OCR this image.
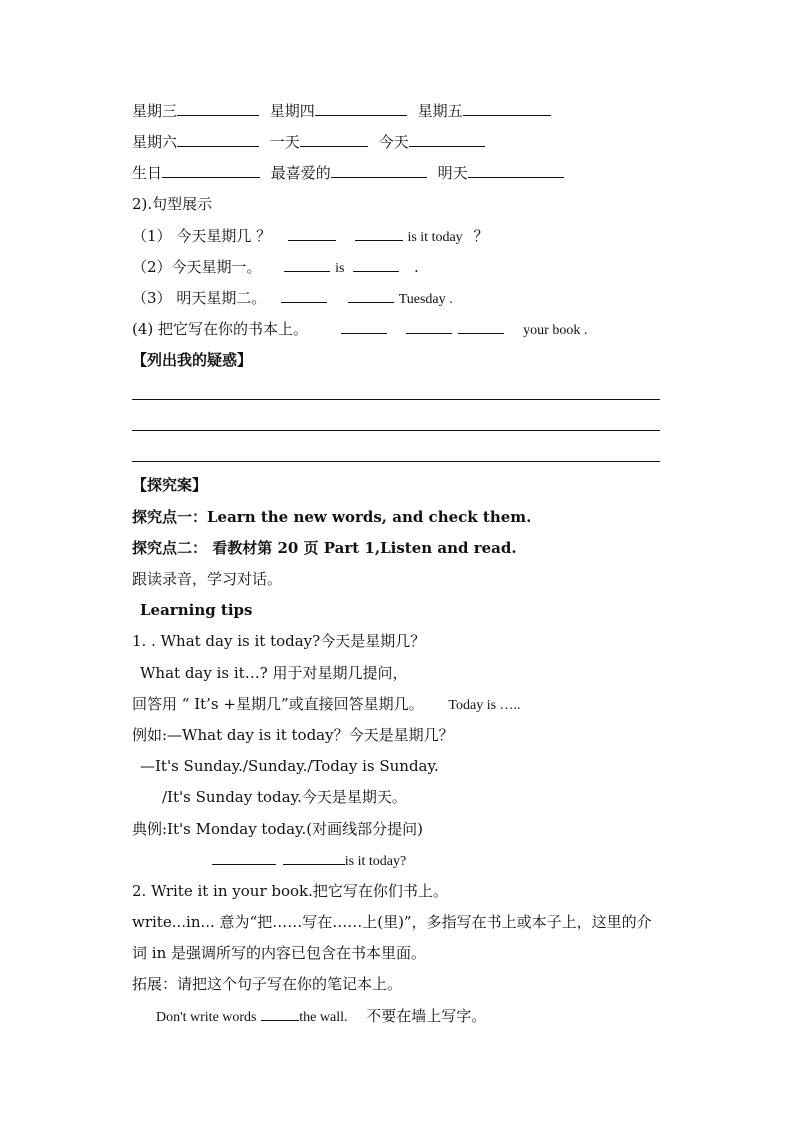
星期三	星期四	星期五
星期六	一天	今天
生日	最喜爱的	明天
2).句型展示
（1） 今天星期几 ？	is it today ？
（2）今天星期一。	is	.
（3） 明天星期二。	Tuesday .
(4) 把它写在你的书本上。	your book .
【列出我的疑惑】
【探究案】
探究点一：Learn the new words, and check them.
探究点二： 看教材第 20 页 Part 1,Listen and read.
跟读录音，学习对话。
Learning tips
1. . What day is it today?今天是星期几？
What day is it…? 用于对星期几提问，
回答用 “ It’s +星期几”或直接回答星期几。 Today is …..
例如:—What day is it today？今天是星期几？
—It's Sunday./Sunday./Today is Sunday.
/It's Sunday today.今天是星期天。
典例:It's Monday today.(对画线部分提问)
is it today?
2. Write it in your book.把它写在你们书上。
write...in... 意为“把……写在……上(里)”，多指写在书上或本子上，这里的介
词 in 是强调所写的内容已包含在书本里面。
拓展：请把这个句子写在你的笔记本上。
Don't write words	the wall. 不要在墙上写字。
